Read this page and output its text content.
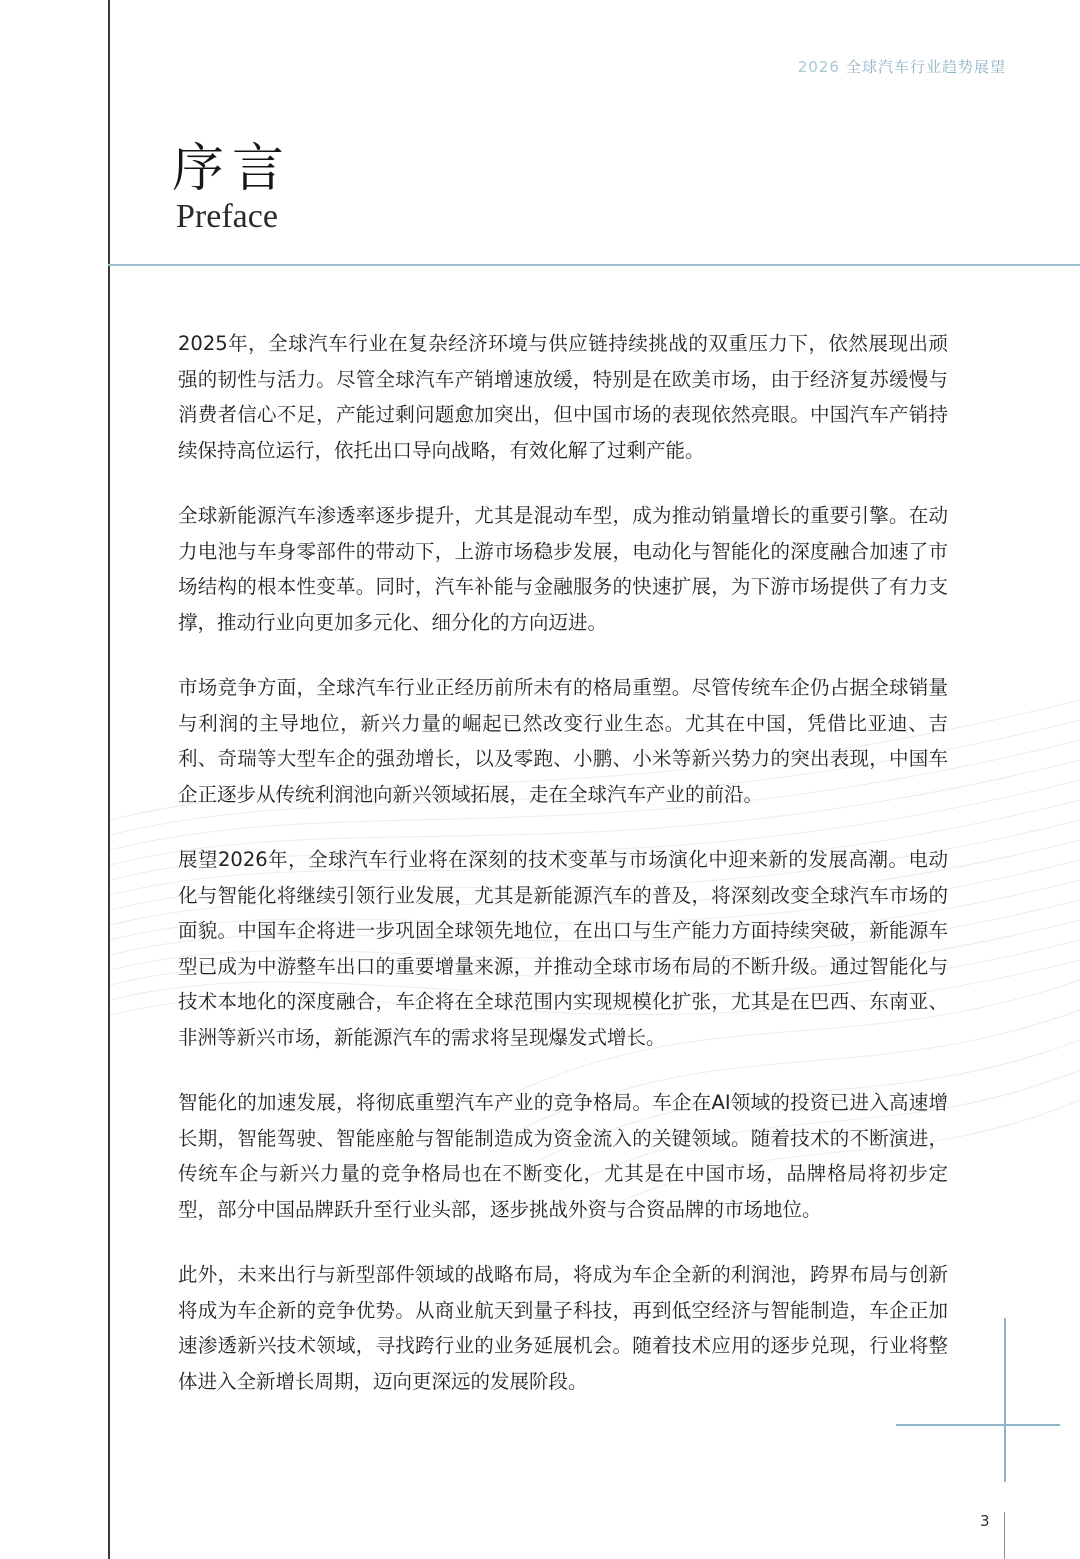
2026 全球汽车行业趋势展望
序言
Preface

2025年，全球汽车行业在复杂经济环境与供应链持续挑战的双重压力下，依然展现出顽强的韧性与活力。尽管全球汽车产销增速放缓，特别是在欧美市场，由于经济复苏缓慢与消费者信心不足，产能过剩问题愈加突出，但中国市场的表现依然亮眼。中国汽车产销持续保持高位运行，依托出口导向战略，有效化解了过剩产能。

全球新能源汽车渗透率逐步提升，尤其是混动车型，成为推动销量增长的重要引擎。在动力电池与车身零部件的带动下，上游市场稳步发展，电动化与智能化的深度融合加速了市场结构的根本性变革。同时，汽车补能与金融服务的快速扩展，为下游市场提供了有力支撑，推动行业向更加多元化、细分化的方向迈进。

市场竞争方面，全球汽车行业正经历前所未有的格局重塑。尽管传统车企仍占据全球销量与利润的主导地位，新兴力量的崛起已然改变行业生态。尤其在中国，凭借比亚迪、吉利、奇瑞等大型车企的强劲增长，以及零跑、小鹏、小米等新兴势力的突出表现，中国车企正逐步从传统利润池向新兴领域拓展，走在全球汽车产业的前沿。

展望2026年，全球汽车行业将在深刻的技术变革与市场演化中迎来新的发展高潮。电动化与智能化将继续引领行业发展，尤其是新能源汽车的普及，将深刻改变全球汽车市场的面貌。中国车企将进一步巩固全球领先地位，在出口与生产能力方面持续突破，新能源车型已成为中游整车出口的重要增量来源，并推动全球市场布局的不断升级。通过智能化与技术本地化的深度融合，车企将在全球范围内实现规模化扩张，尤其是在巴西、东南亚、非洲等新兴市场，新能源汽车的需求将呈现爆发式增长。

智能化的加速发展，将彻底重塑汽车产业的竞争格局。车企在AI领域的投资已进入高速增长期，智能驾驶、智能座舱与智能制造成为资金流入的关键领域。随着技术的不断演进，传统车企与新兴力量的竞争格局也在不断变化，尤其是在中国市场，品牌格局将初步定型，部分中国品牌跃升至行业头部，逐步挑战外资与合资品牌的市场地位。

此外，未来出行与新型部件领域的战略布局，将成为车企全新的利润池，跨界布局与创新将成为车企新的竞争优势。从商业航天到量子科技，再到低空经济与智能制造，车企正加速渗透新兴技术领域，寻找跨行业的业务延展机会。随着技术应用的逐步兑现，行业将整体进入全新增长周期，迈向更深远的发展阶段。

3
